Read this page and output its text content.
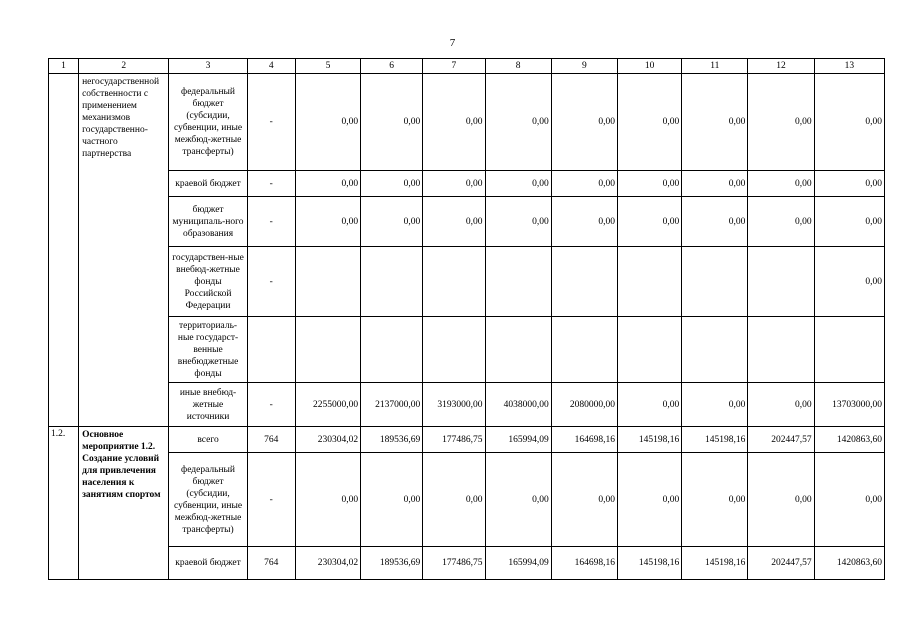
7
1	2	3	4	5	6	7	8	9	10	11	12	13
	негосударственной собственности с применением механизмов государственно-частного партнерства	федеральный бюджет (субсидии, субвенции, иные межбюд-жетные трансферты)	-	0,00	0,00	0,00	0,00	0,00	0,00	0,00	0,00	0,00
		краевой бюджет	-	0,00	0,00	0,00	0,00	0,00	0,00	0,00	0,00	0,00
		бюджет муниципаль-ного образования	-	0,00	0,00	0,00	0,00	0,00	0,00	0,00	0,00	0,00
		государствен-ные внебюд-жетные фонды Российской Федерации	-									0,00
		территориаль-ные государст-венные внебюджетные фонды										
		иные внебюд-жетные источники	-	2255000,00	2137000,00	3193000,00	4038000,00	2080000,00	0,00	0,00	0,00	13703000,00
1.2.	Основное мероприятие 1.2. Создание условий для привлечения населения к занятиям спортом	всего	764	230304,02	189536,69	177486,75	165994,09	164698,16	145198,16	145198,16	202447,57	1420863,60
		федеральный бюджет (субсидии, субвенции, иные межбюд-жетные трансферты)	-	0,00	0,00	0,00	0,00	0,00	0,00	0,00	0,00	0,00
		краевой бюджет	764	230304,02	189536,69	177486,75	165994,09	164698,16	145198,16	145198,16	202447,57	1420863,60
